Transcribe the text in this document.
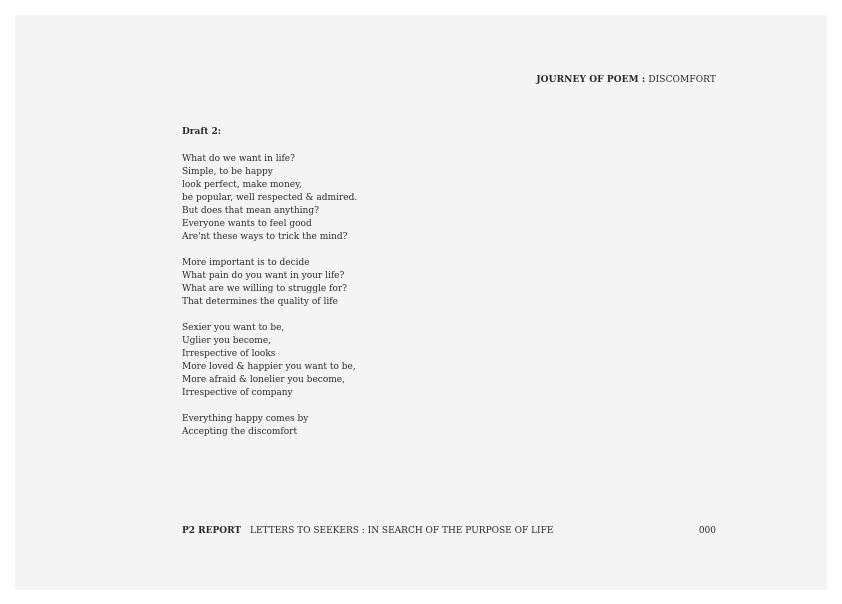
JOURNEY OF POEM : DISCOMFORT
Draft 2:
What do we want in life?
Simple, to be happy
look perfect, make money,
be popular, well respected & admired.
But does that mean anything?
Everyone wants to feel good
Are'nt these ways to trick the mind?
More important is to decide
What pain do you want in your life?
What are we willing to struggle for?
That determines the quality of life
Sexier you want to be,
Uglier you become,
Irrespective of looks
More loved & happier you want to be,
More afraid & lonelier you become,
Irrespective of company
Everything happy comes by
Accepting the discomfort
P2 REPORT LETTERS TO SEEKERS : IN SEARCH OF THE PURPOSE OF LIFE	000
